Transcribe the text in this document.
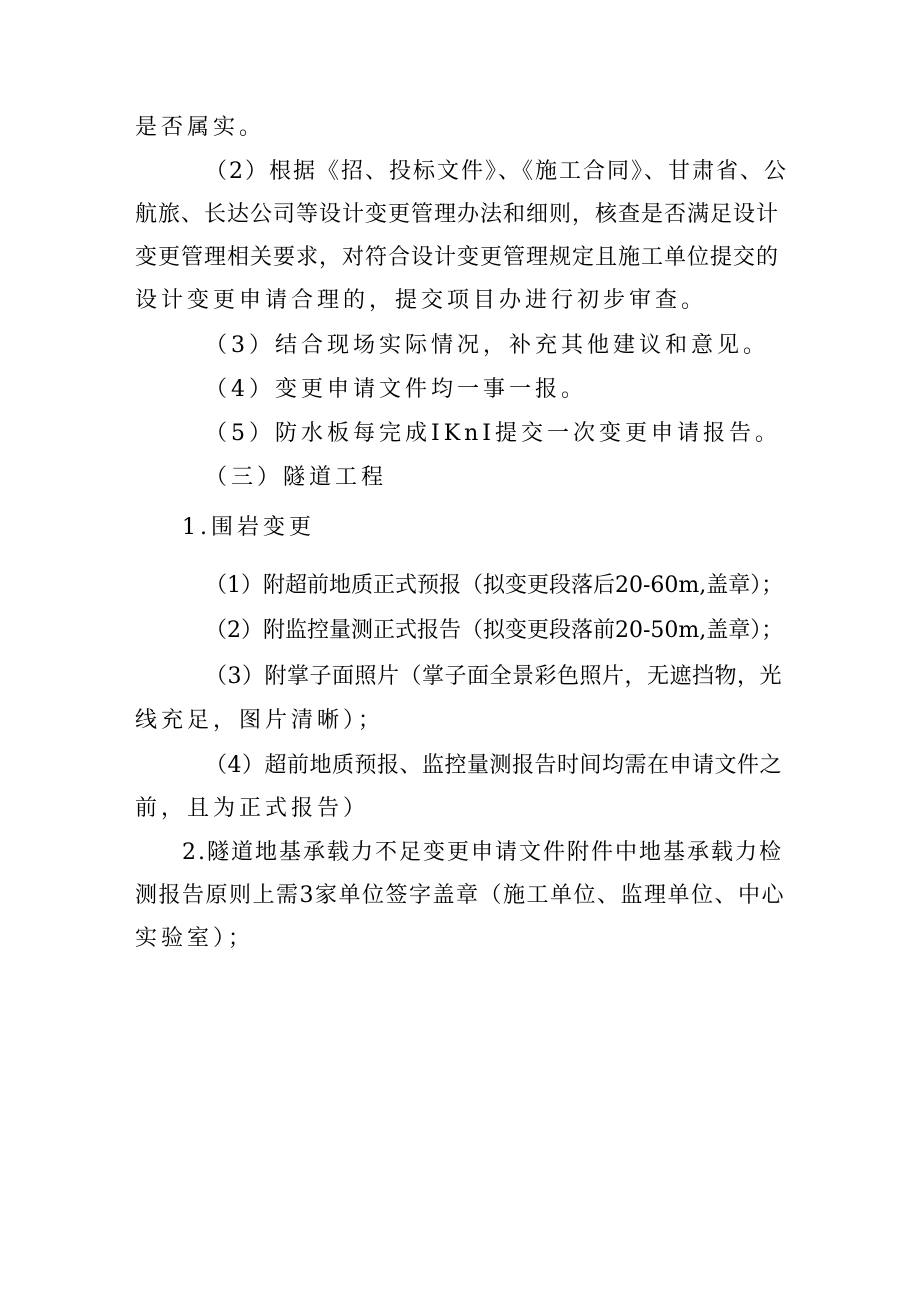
是否属实。
（2）根据《招、投标文件》、《施工合同》、甘肃省、公
航旅、长达公司等设计变更管理办法和细则，核查是否满足设计
变更管理相关要求，对符合设计变更管理规定且施工单位提交的
设计变更申请合理的，提交项目办进行初步审查。
（3）结合现场实际情况，补充其他建议和意见。
（4）变更申请文件均一事一报。
（5）防水板每完成IKnI提交一次变更申请报告。
（三）隧道工程
1.围岩变更
（1）附超前地质正式预报（拟变更段落后20-60m,盖章）；
（2）附监控量测正式报告（拟变更段落前20-50m,盖章）；
（3）附掌子面照片（掌子面全景彩色照片，无遮挡物，光
线充足，图片清晰）；
（4）超前地质预报、监控量测报告时间均需在申请文件之
前，且为正式报告）
2.隧道地基承载力不足变更申请文件附件中地基承载力检
测报告原则上需3家单位签字盖章（施工单位、监理单位、中心
实验室）；
